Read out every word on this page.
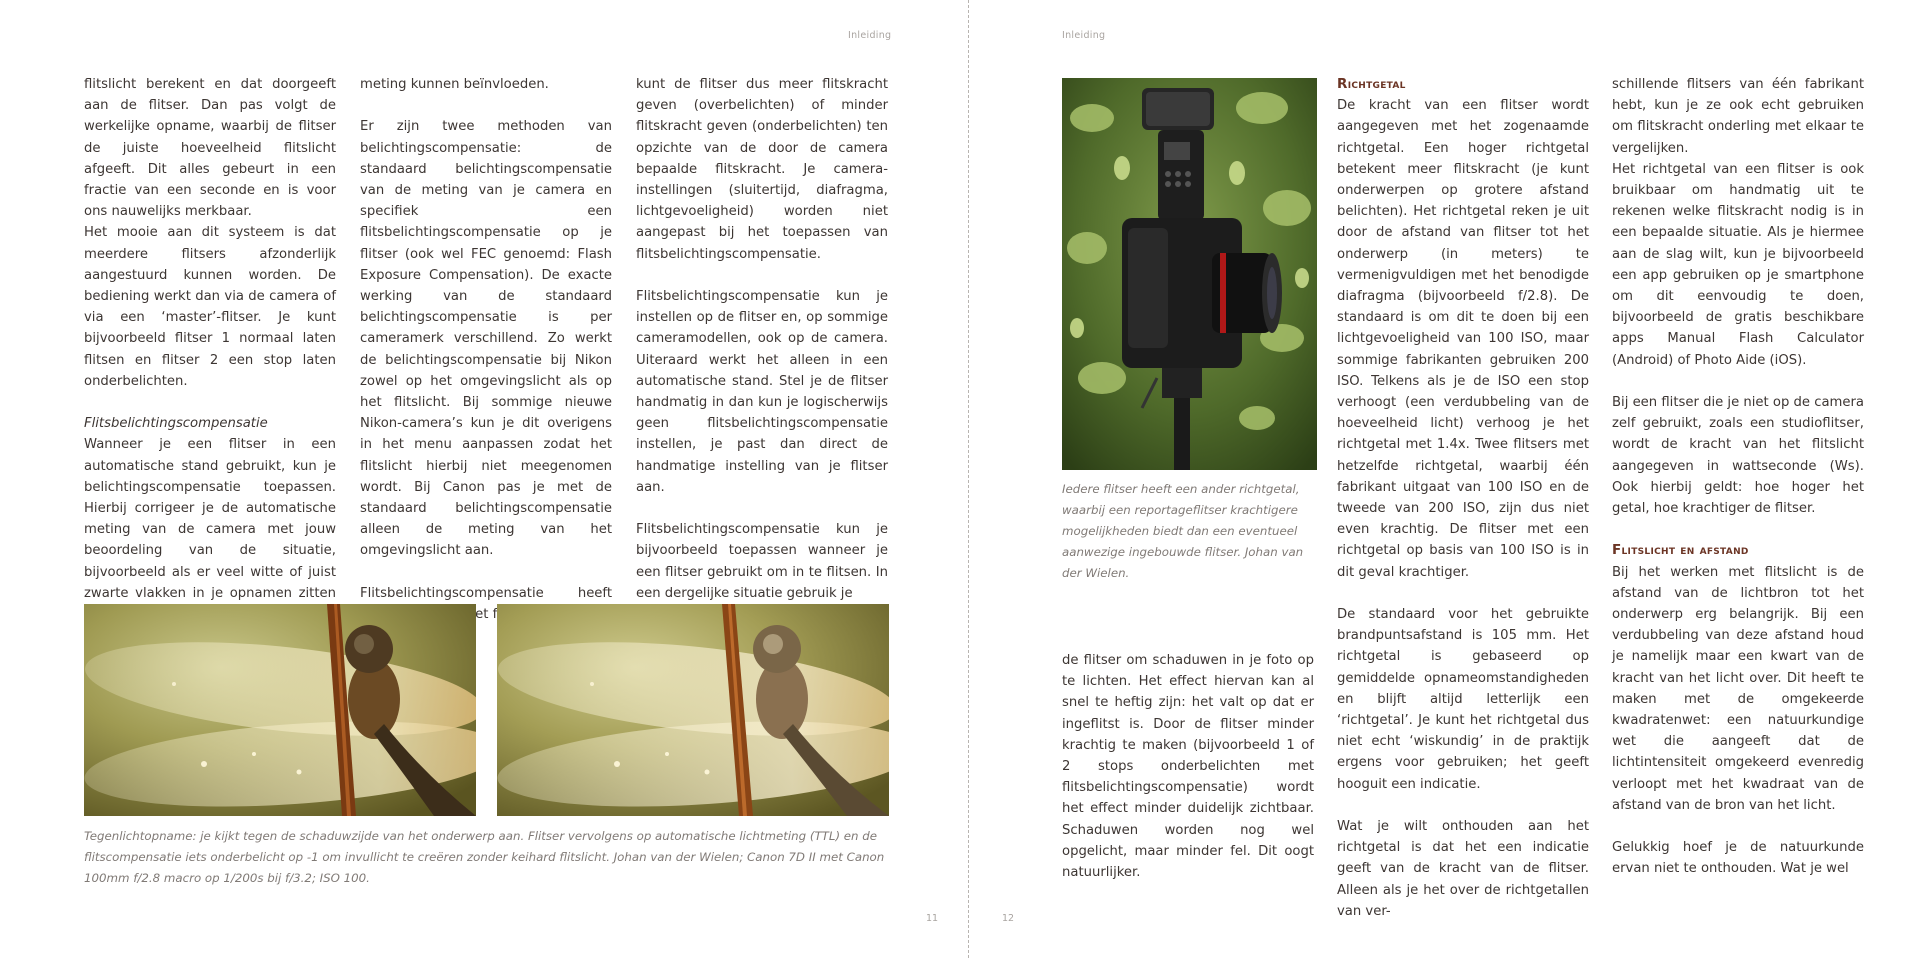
Inleiding

flitslicht berekent en dat doorgeeft aan de flitser. Dan pas volgt de werkelijke opname, waarbij de flitser de juiste hoeveelheid flitslicht afgeeft. Dit alles gebeurt in een fractie van een seconde en is voor ons nauwelijks merkbaar.

Het mooie aan dit systeem is dat meerdere flitsers afzonderlijk aangestuurd kunnen worden. De bediening werkt dan via de camera of via een ‘master’-flitser. Je kunt bijvoorbeeld flitser 1 normaal laten flitsen en flitser 2 een stop laten onderbelichten.

Flitsbelichtingscompensatie

Wanneer je een flitser in een automatische stand gebruikt, kun je belichtingscompensatie toepassen. Hierbij corrigeer je de automatische meting van de camera met jouw beoordeling van de situatie, bijvoorbeeld als er veel witte of juist zwarte vlakken in je opnamen zitten

meting kunnen beïnvloeden.

Er zijn twee methoden van belichtingscompensatie: de standaard belichtingscompensatie van de meting van je camera en specifiek een flitsbelichtingscompensatie op je flitser (ook wel FEC genoemd: Flash Exposure Compensation). De exacte werking van de standaard belichtingscompensatie is per cameramerk verschillend. Zo werkt de belichtingscompensatie bij Nikon zowel op het omgevingslicht als op het flitslicht. Bij sommige nieuwe Nikon-camera’s kun je dit overigens in het menu aanpassen zodat het flitslicht hierbij niet meegenomen wordt. Bij Canon pas je met de standaard belichtingscompensatie alleen de meting van het omgevingslicht aan.

Flitsbelichtingscompensatie heeft het

kunt de flitser dus meer flitskracht geven (overbelichten) of minder flitskracht geven (onderbelichten) ten opzichte van de door de camera bepaalde flitskracht. Je camera-instellingen (sluitertijd, diafragma, lichtgevoeligheid) worden niet aangepast bij het toepassen van flitsbelichtingscompensatie.

Flitsbelichtingscompensatie kun je instellen op de flitser en, op sommige cameramodellen, ook op de camera. Uiteraard werkt het alleen in een automatische stand. Stel je de flitser handmatig in dan kun je logischerwijs geen flitsbelichtingscompensatie instellen, je past dan direct de handmatige instelling van je flitser aan.

Flitsbelichtingscompensatie kun je bijvoorbeeld toepassen wanneer je een flitser gebruikt om in te flitsen. In een dergelijke situatie gebruik je

Tegenlichtopname: je kijkt tegen de schaduwzijde van het onderwerp aan. Flitser vervolgens op automatische lichtmeting (TTL) en de flitscompensatie iets onderbelicht op -1 om invullicht te creëren zonder keihard flitslicht. Johan van der Wielen; Canon 7D II met Canon 100mm f/2.8 macro op 1/200s bij f/3.2; ISO 100.
11
Inleiding
Iedere flitser heeft een ander richtgetal, waarbij een reportageflitser krachtigere mogelijkheden biedt dan een eventueel aanwezige ingebouwde flitser. Johan van der Wielen.

de flitser om schaduwen in je foto op te lichten. Het effect hiervan kan al snel te heftig zijn: het valt op dat er ingeflitst is. Door de flitser minder krachtig te maken (bijvoorbeeld 1 of 2 stops onderbelichten met flitsbelichtingscompensatie) wordt het effect minder duidelijk zichtbaar. Schaduwen worden nog wel opgelicht, maar minder fel. Dit oogt natuurlijker.

Richtgetal

De kracht van een flitser wordt aangegeven met het zogenaamde richtgetal. Een hoger richtgetal betekent meer flitskracht (je kunt onderwerpen op grotere afstand belichten). Het richtgetal reken je uit door de afstand van flitser tot het onderwerp (in meters) te vermenigvuldigen met het benodigde diafragma (bijvoorbeeld f/2.8). De standaard is om dit te doen bij een lichtgevoeligheid van 100 ISO, maar sommige fabrikanten gebruiken 200 ISO. Telkens als je de ISO een stop verhoogt (een verdubbeling van de hoeveelheid licht) verhoog je het richtgetal met 1.4x. Twee flitsers met hetzelfde richtgetal, waarbij één fabrikant uitgaat van 100 ISO en de tweede van 200 ISO, zijn dus niet even krachtig. De flitser met een richtgetal op basis van 100 ISO is in dit geval krachtiger.

De standaard voor het gebruikte brandpuntsafstand is 105 mm. Het richtgetal is gebaseerd op gemiddelde opnameomstandigheden en blijft altijd letterlijk een ‘richtgetal’. Je kunt het richtgetal dus niet echt ‘wiskundig’ in de praktijk ergens voor gebruiken; het geeft hooguit een indicatie.

Wat je wilt onthouden aan het richtgetal is dat het een indicatie geeft van de kracht van de flitser. Alleen als je het over de richtgetallen van ver-

schillende flitsers van één fabrikant hebt, kun je ze ook echt gebruiken om flitskracht onderling met elkaar te vergelijken.

Het richtgetal van een flitser is ook bruikbaar om handmatig uit te rekenen welke flitskracht nodig is in een bepaalde situatie. Als je hiermee aan de slag wilt, kun je bijvoorbeeld een app gebruiken op je smartphone om dit eenvoudig te doen, bijvoorbeeld de gratis beschikbare apps Manual Flash Calculator (Android) of Photo Aide (iOS).

Bij een flitser die je niet op de camera zelf gebruikt, zoals een studioflitser, wordt de kracht van het flitslicht aangegeven in wattseconde (Ws). Ook hierbij geldt: hoe hoger het getal, hoe krachtiger de flitser.

Flitslicht en afstand

Bij het werken met flitslicht is de afstand van de lichtbron tot het onderwerp erg belangrijk. Bij een verdubbeling van deze afstand houd je namelijk maar een kwart van de kracht van het licht over. Dit heeft te maken met de omgekeerde kwadratenwet: een natuurkundige wet die aangeeft dat de lichtintensiteit omgekeerd evenredig verloopt met het kwadraat van de afstand van de bron van het licht.

Gelukkig hoef je de natuurkunde ervan niet te onthouden. Wat je wel

12
